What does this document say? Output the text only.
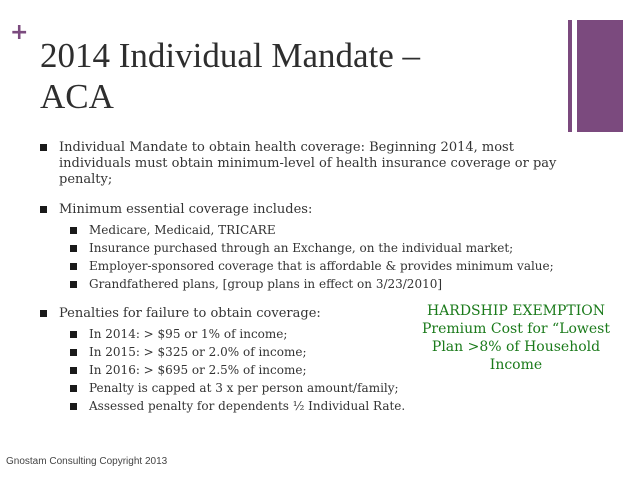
+
2014 Individual Mandate –
ACA
Individual Mandate to obtain health coverage: Beginning 2014, most individuals must obtain minimum-level of health insurance coverage or pay penalty;
Minimum essential coverage includes:
Medicare, Medicaid, TRICARE
Insurance purchased through an Exchange, on the individual market;
Employer-sponsored coverage that is affordable & provides minimum value;
Grandfathered plans, [group plans in effect on 3/23/2010]
Penalties for failure to obtain coverage:
In 2014: > $95 or 1% of income;
In 2015: > $325 or 2.0% of income;
In 2016: > $695 or 2.5% of income;
Penalty is capped at 3 x per person amount/family;
Assessed penalty for dependents ½ Individual Rate.
HARDSHIP EXEMPTION
Premium Cost for “Lowest
Plan >8% of Household
Income
Gnostam Consulting Copyright 2013
